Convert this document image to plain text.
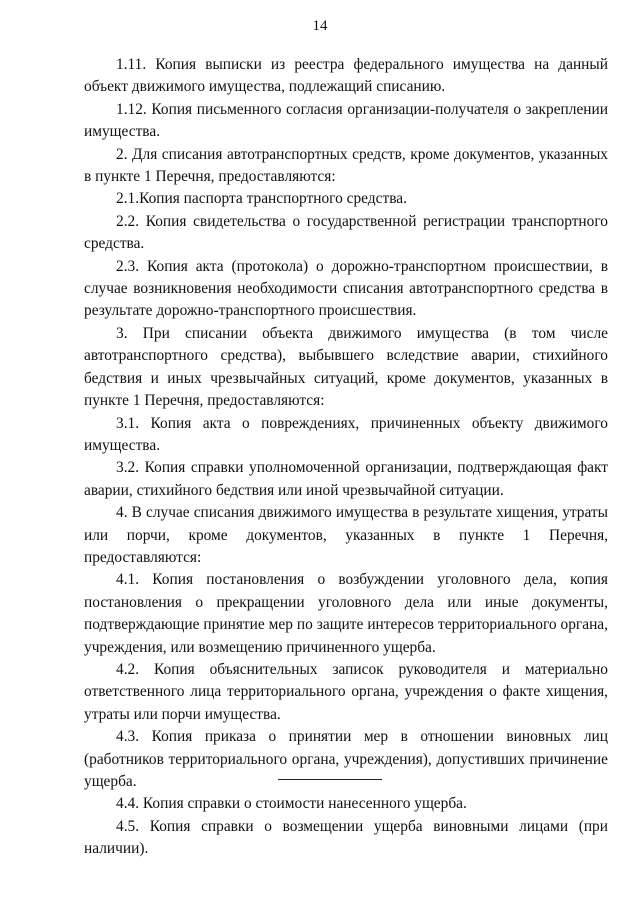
14

1.11. Копия выписки из реестра федерального имущества на данный объект движимого имущества, подлежащий списанию.

1.12. Копия письменного согласия организации-получателя о закреплении имущества.

2. Для списания автотранспортных средств, кроме документов, указанных в пункте 1 Перечня, предоставляются:

2.1.Копия паспорта транспортного средства.

2.2. Копия свидетельства о государственной регистрации транспортного средства.

2.3. Копия акта (протокола) о дорожно-транспортном происшествии, в случае возникновения необходимости списания автотранспортного средства в результате дорожно-транспортного происшествия.

3. При списании объекта движимого имущества (в том числе автотранспортного средства), выбывшего вследствие аварии, стихийного бедствия и иных чрезвычайных ситуаций, кроме документов, указанных в пункте 1 Перечня, предоставляются:

3.1. Копия акта о повреждениях, причиненных объекту движимого имущества.

3.2. Копия справки уполномоченной организации, подтверждающая факт аварии, стихийного бедствия или иной чрезвычайной ситуации.

4. В случае списания движимого имущества в результате хищения, утраты или порчи, кроме документов, указанных в пункте 1 Перечня, предоставляются:

4.1. Копия постановления о возбуждении уголовного дела, копия постановления о прекращении уголовного дела или иные документы, подтверждающие принятие мер по защите интересов территориального органа, учреждения, или возмещению причиненного ущерба.

4.2. Копия объяснительных записок руководителя и материально ответственного лица территориального органа, учреждения о факте хищения, утраты или порчи имущества.

4.3. Копия приказа о принятии мер в отношении виновных лиц (работников территориального органа, учреждения), допустивших причинение ущерба.

4.4. Копия справки о стоимости нанесенного ущерба.

4.5. Копия справки о возмещении ущерба виновными лицами (при наличии).
